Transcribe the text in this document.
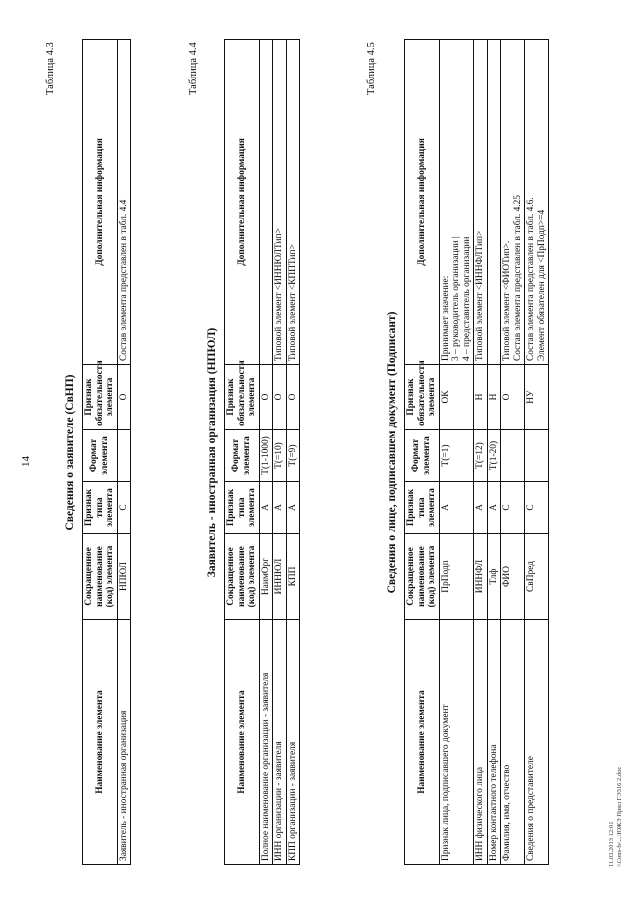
14
Таблица 4.3
Сведения о заявителе (СвНП)
Наименование элемента	Сокращенное наименование (код) элемента	Признак типа элемента	Формат элемента	Признак обязательности элемента	Дополнительная информация
Заявитель - иностранная организация	НПЮЛ	С		О	Состав элемента представлен в табл. 4.4
Таблица 4.4
Заявитель - иностранная организация (НПЮЛ)
Наименование элемента	Сокращенное наименование (код) элемента	Признак типа элемента	Формат элемента	Признак обязательности элемента	Дополнительная информация
Полное наименование организации - заявителя	НаимОрг	А	T(1-1000)	О	
ИНН организации - заявителя	ИННЮЛ	А	T(=10)	О	Типовой элемент <ИННЮЛТип>
КПП организации - заявителя	КПП	А	T(=9)	О	Типовой элемент <КППТип>
Таблица 4.5
Сведения о лице, подписавшем документ (Подписант)
Наименование элемента	Сокращенное наименование (код) элемента	Признак типа элемента	Формат элемента	Признак обязательности элемента	Дополнительная информация
Признак лица, подписавшего документ	ПрПодп	А	T(=1)	ОК	Принимает значение: 3 – руководитель организации | 4 – представитель организации

ИНН физического лица	ИННФЛ	А	T(=12)	Н	Типовой элемент <ИННФЛТип>
Номер контактного телефона	Тлф	А	T(1-20)	Н	
Фамилия, имя, отчество	ФИО	С		О	Типовой элемент <ФИОТип>. Состав элемента представлен в табл. 4.25

Сведения о представителе	СвПред	С		НУ	Состав элемента представлен в табл. 4.6. Элемент обязателен для <ПрПодп>=4
11.03.2013 12:01 \\Cons-fs\...\ЮЖЭ Прил ГЭ316 2.doc
